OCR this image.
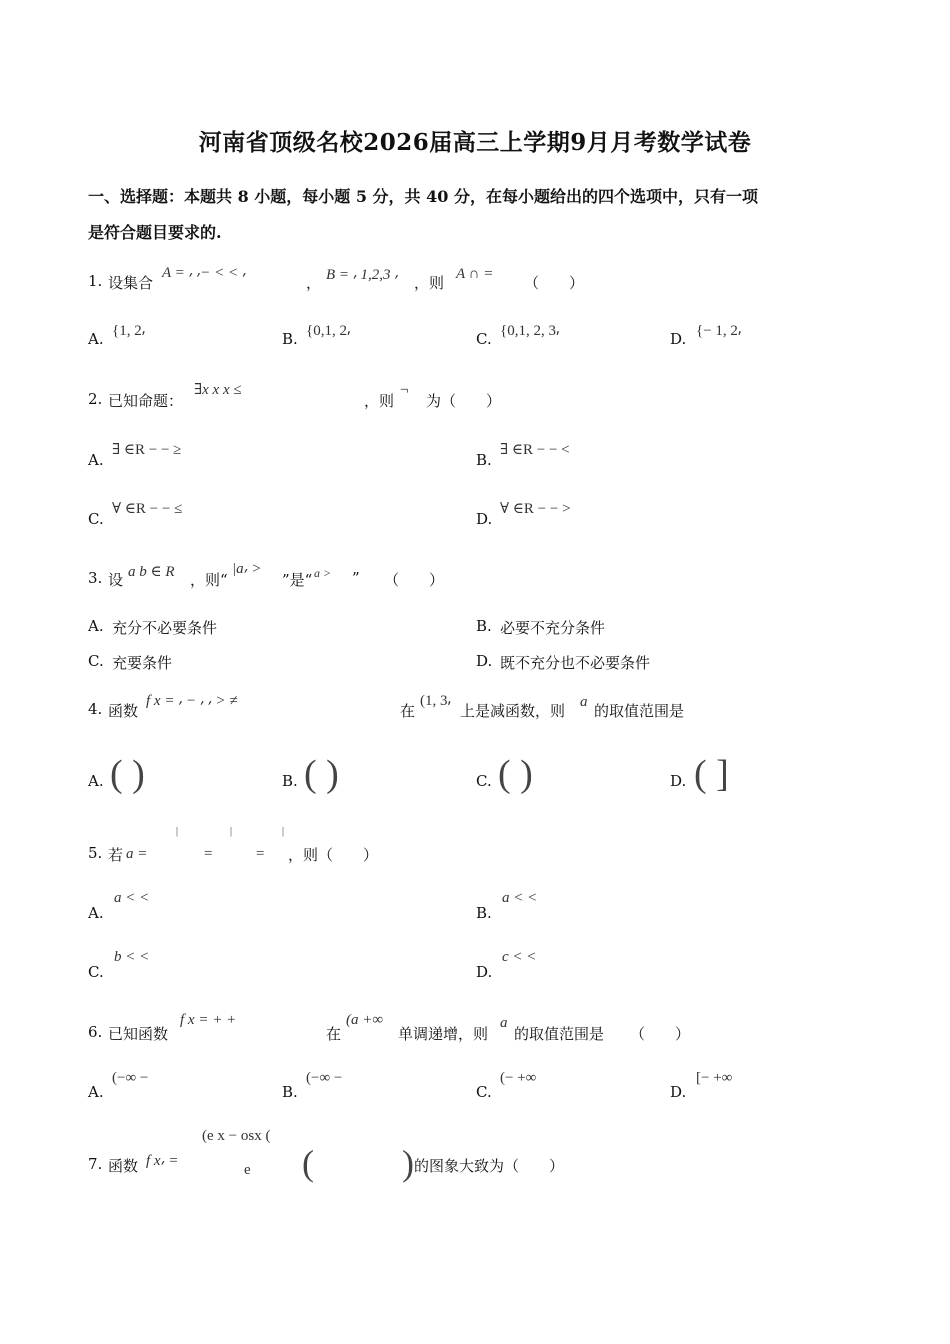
河南省顶级名校2026届高三上学期9月月考数学试卷
一、选择题：本题共 8 小题，每小题 5 分，共 40 分，在每小题给出的四个选项中，只有一项
是符合题目要求的.
1. 设集合
A = ⸴ ⸴− < < ⸴
， B = ⸴ 1,2,3 ⸴ ，则 A ∩ = （　　）
A. {1, 2⸴	B. {0,1, 2⸴	C. {0,1, 2, 3⸴	D. {− 1, 2⸴
2. 已知命题：
∃x x x ≤
，则
¬
为（　　）
A.
∃ ∈R − − ≥
B.
∃ ∈R − − <
C.
∀ ∈R − − ≤
D.
∀ ∈R − − >
3. 设 a b ∈ R ，则“
|a⸴ >
”是“ a > ” （　　）
A. 充分不必要条件	B. 必要不充分条件
C. 充要条件	D. 既不充分也不必要条件
4. 函数
f x = ⸴ − ⸴ ⸴ > ≠
在
(1, 3⸴
上是减函数，则 a 的取值范围是
A. ( )	B. ( )	C. ( )	D. ( ]
5. 若 a =
|
=
|
=
|
，则（　　）
A.
a < <
B.
a < <
C.
b < <
D.
c < <
6. 已知函数
f x = + +
在
(a +∞
单调递增，则
a
的取值范围是 （　　）
A.
(−∞ −
B.
(−∞ −
C.
(− +∞
D.
[− +∞
7. 函数 f x⸴ =
(e x − osx (
e ( ) 的图象大致为（　　）
